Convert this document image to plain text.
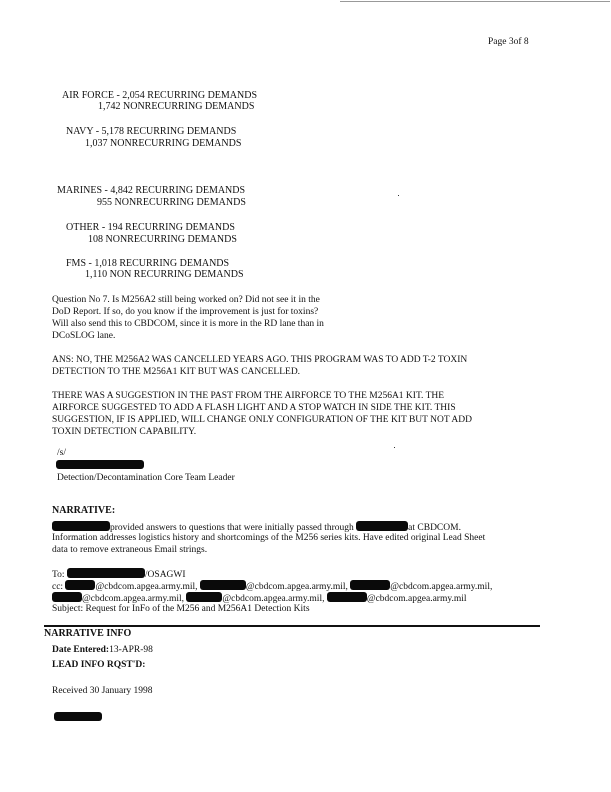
Page 3of 8
AIR FORCE - 2,054 RECURRING DEMANDS
1,742 NONRECURRING DEMANDS
NAVY - 5,178 RECURRING DEMANDS
1,037 NONRECURRING DEMANDS
MARINES - 4,842 RECURRING DEMANDS
955 NONRECURRING DEMANDS
OTHER - 194 RECURRING DEMANDS
108 NONRECURRING DEMANDS
FMS - 1,018 RECURRING DEMANDS
1,110 NON RECURRING DEMANDS
Question No 7. Is M256A2 still being worked on? Did not see it in the
DoD Report. If so, do you know if the improvement is just for toxins?
Will also send this to CBDCOM, since it is more in the RD lane than in
DCoSLOG lane.
ANS: NO, THE M256A2 WAS CANCELLED YEARS AGO. THIS PROGRAM WAS TO ADD T-2 TOXIN
DETECTION TO THE M256A1 KIT BUT WAS CANCELLED.
THERE WAS A SUGGESTION IN THE PAST FROM THE AIRFORCE TO THE M256A1 KIT. THE
AIRFORCE SUGGESTED TO ADD A FLASH LIGHT AND A STOP WATCH IN SIDE THE KIT. THIS
SUGGESTION, IF IS APPLIED, WILL CHANGE ONLY CONFIGURATION OF THE KIT BUT NOT ADD
TOXIN DETECTION CAPABILITY.
/s/
Detection/Decontamination Core Team Leader
NARRATIVE:
provided answers to questions that were initially passed through	at CBDCOM.
Information addresses logistics history and shortcomings of the M256 series kits. Have edited original Lead Sheet
data to remove extraneous Email strings.
To:	/OSAGWI
cc:	@cbdcom.apgea.army.mil,	@cbdcom.apgea.army.mil,	@cbdcom.apgea.army.mil,
@cbdcom.apgea.army.mil,	@cbdcom.apgea.army.mil,	@cbdcom.apgea.army.mil
Subject: Request for InFo of the M256 and M256A1 Detection Kits
NARRATIVE INFO
Date Entered:13-APR-98
LEAD INFO RQST'D:
Received 30 January 1998
